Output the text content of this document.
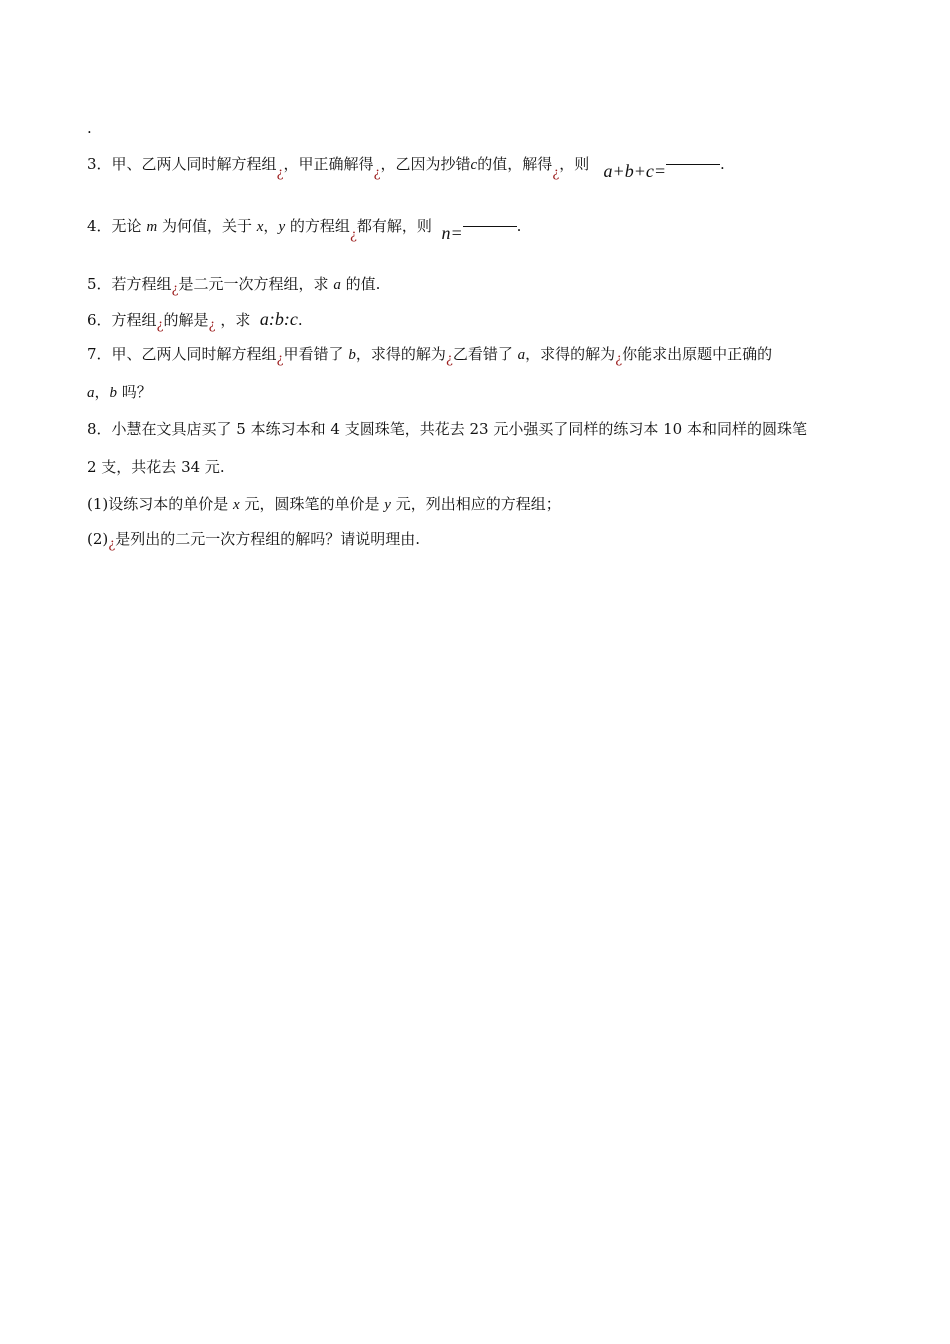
.
3．甲、乙两人同时解方程组¿，甲正确解得¿，乙因为抄错c的值，解得¿，则 a+b+c=	.
4．无论 m 为何值，关于 x，y 的方程组¿都有解，则 n=	.
5．若方程组¿是二元一次方程组，求 a 的值.
6．方程组¿的解是¿ ，求 a:b:c.
7．甲、乙两人同时解方程组¿甲看错了 b，求得的解为¿乙看错了 a，求得的解为¿你能求出原题中正确的
a，b 吗？
8．小慧在文具店买了 5 本练习本和 4 支圆珠笔，共花去 23 元小强买了同样的练习本 10 本和同样的圆珠笔
2 支，共花去 34 元.
(1)设练习本的单价是 x 元，圆珠笔的单价是 y 元，列出相应的方程组；
(2)¿是列出的二元一次方程组的解吗？请说明理由.
